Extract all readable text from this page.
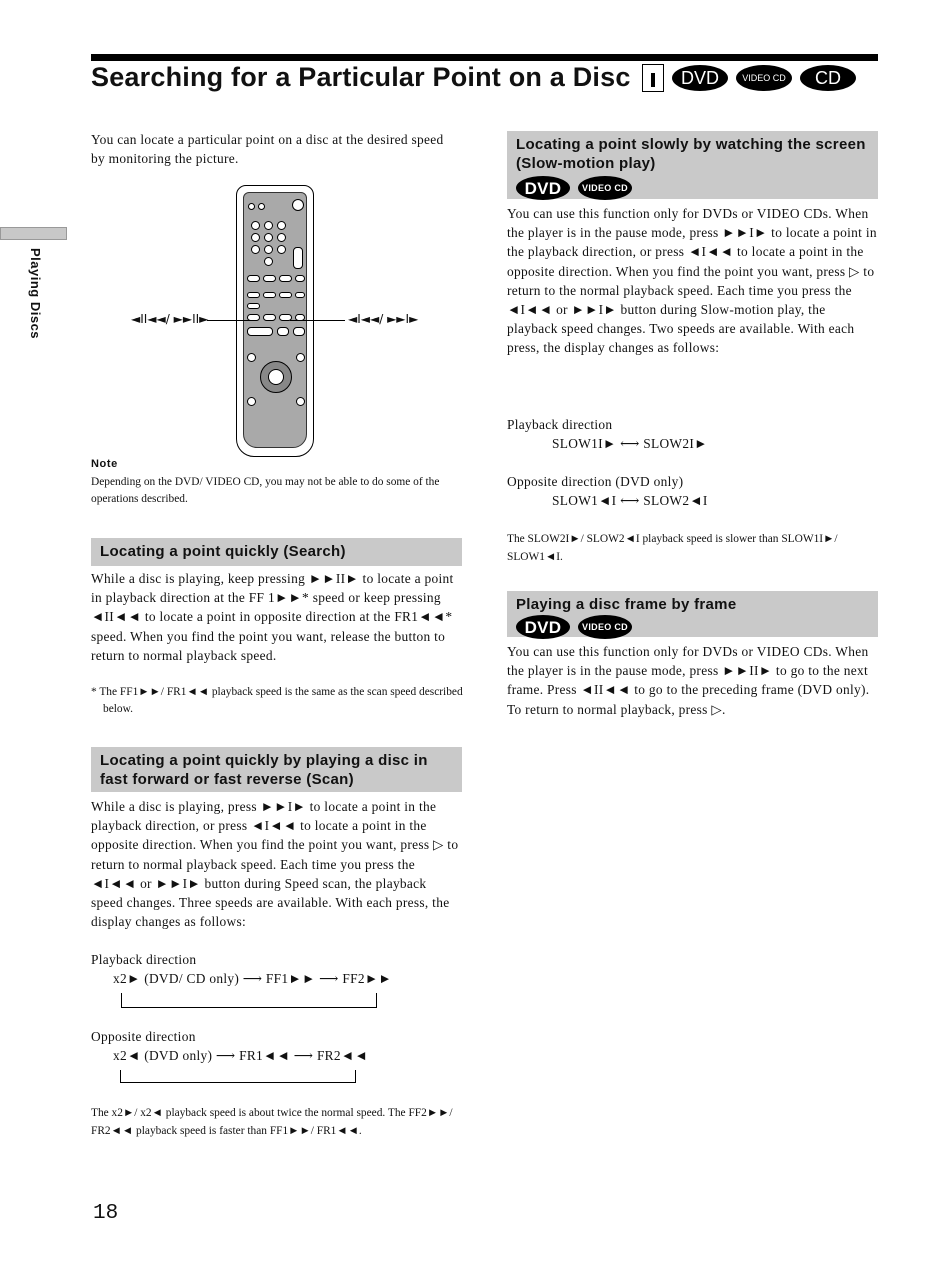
Searching for a Particular Point on a Disc	DVD	VIDEO CD	CD
Playing Discs
You can locate a particular point on a disc at the desired speed by monitoring the picture.
◄II◄◄/ ►►II►	◄I◄◄/ ►►I►
Note
Depending on the DVD/ VIDEO CD, you may not be able to do some of the operations described.
Locating a point quickly (Search)
While a disc is playing, keep pressing ►►II► to locate a point in playback direction at the FF 1►►* speed or keep pressing ◄II◄◄ to locate a point in opposite direction at the FR1◄◄* speed. When you find the point you want, release the button to return to normal playback speed.
* The FF1►►/ FR1◄◄ playback speed is the same as the scan speed described below.
Locating a point quickly by playing a disc in fast forward or fast reverse (Scan)
While a disc is playing, press ►►I► to locate a point in the playback direction, or press ◄I◄◄ to locate a point in the opposite direction. When you find the point you want, press ▷ to return to normal playback speed. Each time you press the ◄I◄◄ or ►►I► button during Speed scan, the playback speed changes. Three speeds are available. With each press, the display changes as follows:
Playback direction
x2► (DVD/ CD only) ⟶ FF1►► ⟶ FF2►►
Opposite direction
x2◄ (DVD only) ⟶ FR1◄◄ ⟶ FR2◄◄
The x2►/ x2◄ playback speed is about twice the normal speed. The FF2►►/ FR2◄◄ playback speed is faster than FF1►►/ FR1◄◄.
18
Locating a point slowly by watching the screen (Slow-motion play)
DVD	VIDEO CD
You can use this function only for DVDs or VIDEO CDs. When the player is in the pause mode, press ►►I► to locate a point in the playback direction, or press ◄I◄◄ to locate a point in the opposite direction. When you find the point you want, press ▷ to return to the normal playback speed. Each time you press the ◄I◄◄ or ►►I► button during Slow-motion play, the playback speed changes. Two speeds are available. With each press, the display changes as follows:
Playback direction
SLOW1I► ⟷ SLOW2I►
Opposite direction (DVD only)
SLOW1◄I ⟷ SLOW2◄I
The SLOW2I►/ SLOW2◄I playback speed is slower than SLOW1I►/ SLOW1◄I.
Playing a disc frame by frame
DVD	VIDEO CD
You can use this function only for DVDs or VIDEO CDs. When the player is in the pause mode, press ►►II► to go to the next frame. Press ◄II◄◄ to go to the preceding frame (DVD only). To return to normal playback, press ▷.
